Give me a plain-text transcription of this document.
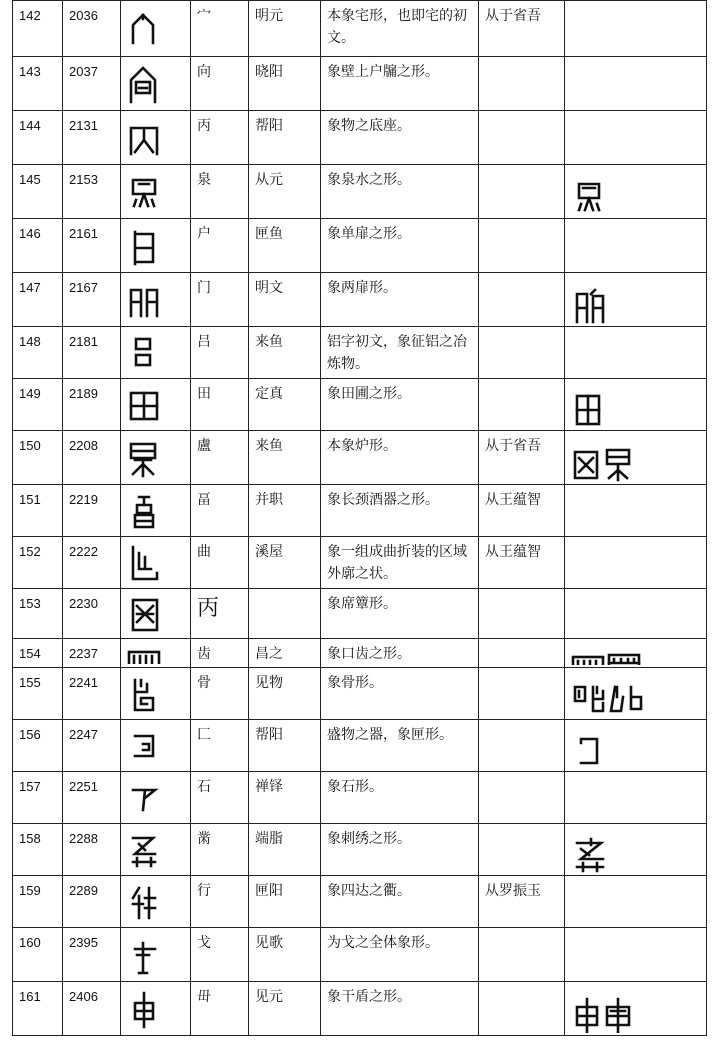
142	2036		宀	明元	本象宅形，也即宅的初文。	从于省吾	
143	2037		向	晓阳	象壁上户牖之形。		
144	2131		丙	帮阳	象物之底座。		
145	2153		泉	从元	象泉水之形。		

146	2161		户	匣鱼	象单扉之形。		
147	2167		门	明文	象两扉形。		

148	2181		吕	来鱼	铝字初文，象征铝之冶炼物。		
149	2189		田	定真	象田圃之形。		

150	2208		盧	来鱼	本象炉形。	从于省吾	

151	2219		畐	并职	象长颈酒器之形。	从王蕴智	
152	2222		曲	溪屋	象一组成曲折装的区域外廓之状。	从王蕴智	
153	2230		丙		象席簟形。		
154	2237		齿	昌之	象口齿之形。		

155	2241		骨	见物	象骨形。		

156	2247		匚	帮阳	盛物之器，象匣形。		

157	2251		石	禅铎	象石形。		
158	2288		黹	端脂	象刺绣之形。		

159	2289		行	匣阳	象四达之衢。	从罗振玉	
160	2395		戈	见歌	为戈之全体象形。		
161	2406		毌	见元	象干盾之形。		
